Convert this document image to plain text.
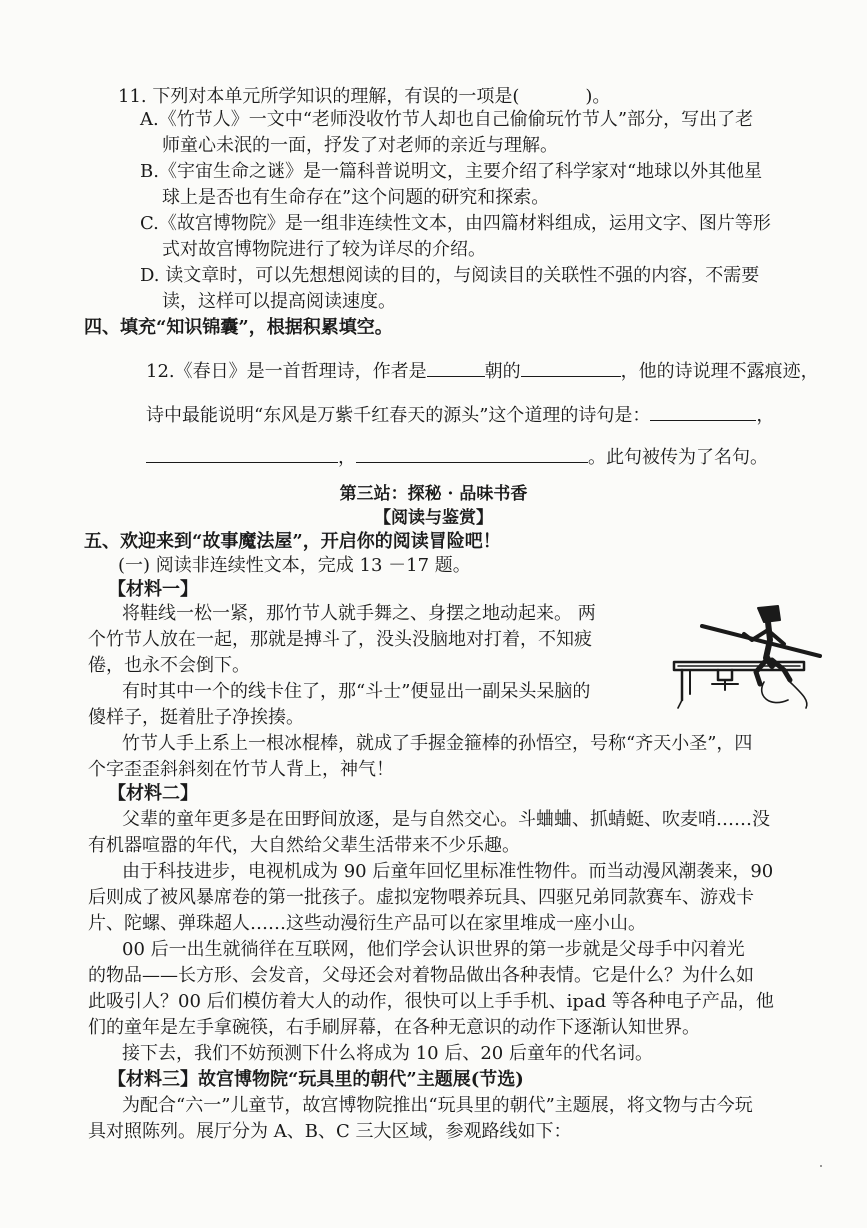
11. 下列对本单元所学知识的理解，有误的一项是(	)。
A.《竹节人》一文中“老师没收竹节人却也自己偷偷玩竹节人”部分，写出了老
师童心未泯的一面，抒发了对老师的亲近与理解。
B.《宇宙生命之谜》是一篇科普说明文，主要介绍了科学家对“地球以外其他星
球上是否也有生命存在”这个问题的研究和探索。
C.《故宫博物院》是一组非连续性文本，由四篇材料组成，运用文字、图片等形
式对故宫博物院进行了较为详尽的介绍。
D. 读文章时，可以先想想阅读的目的，与阅读目的关联性不强的内容，不需要
读，这样可以提高阅读速度。
四、填充“知识锦囊”，根据积累填空。
12.《春日》是一首哲理诗，作者是	朝的	，他的诗说理不露痕迹，
诗中最能说明“东风是万紫千红春天的源头”这个道理的诗句是：	，
，	。此句被传为了名句。
第三站：探秘 · 品味书香
【阅读与鉴赏】
五、欢迎来到“故事魔法屋”，开启你的阅读冒险吧！
(一) 阅读非连续性文本，完成 13 －17 题。
【材料一】
将鞋线一松一紧，那竹节人就手舞之、身摆之地动起来。 两
个竹节人放在一起，那就是搏斗了，没头没脑地对打着，不知疲
倦，也永不会倒下。
有时其中一个的线卡住了，那“斗士”便显出一副呆头呆脑的
傻样子，挺着肚子净挨揍。
竹节人手上系上一根冰棍棒，就成了手握金箍棒的孙悟空，号称“齐天小圣”，四
个字歪歪斜斜刻在竹节人背上，神气！
【材料二】
父辈的童年更多是在田野间放逐，是与自然交心。斗蛐蛐、抓蜻蜓、吹麦哨……没
有机器喧嚣的年代，大自然给父辈生活带来不少乐趣。
由于科技进步，电视机成为 90 后童年回忆里标准性物件。而当动漫风潮袭来，90
后则成了被风暴席卷的第一批孩子。虚拟宠物喂养玩具、四驱兄弟同款赛车、游戏卡
片、陀螺、弹珠超人……这些动漫衍生产品可以在家里堆成一座小山。
00 后一出生就徜徉在互联网，他们学会认识世界的第一步就是父母手中闪着光
的物品——长方形、会发音，父母还会对着物品做出各种表情。它是什么？为什么如
此吸引人？00 后们模仿着大人的动作，很快可以上手手机、ipad 等各种电子产品，他
们的童年是左手拿碗筷，右手刷屏幕，在各种无意识的动作下逐渐认知世界。
接下去，我们不妨预测下什么将成为 10 后、20 后童年的代名词。
【材料三】故宫博物院“玩具里的朝代”主题展(节选)
为配合“六一”儿童节，故宫博物院推出“玩具里的朝代”主题展，将文物与古今玩
具对照陈列。展厅分为 A、B、C 三大区域，参观路线如下：
